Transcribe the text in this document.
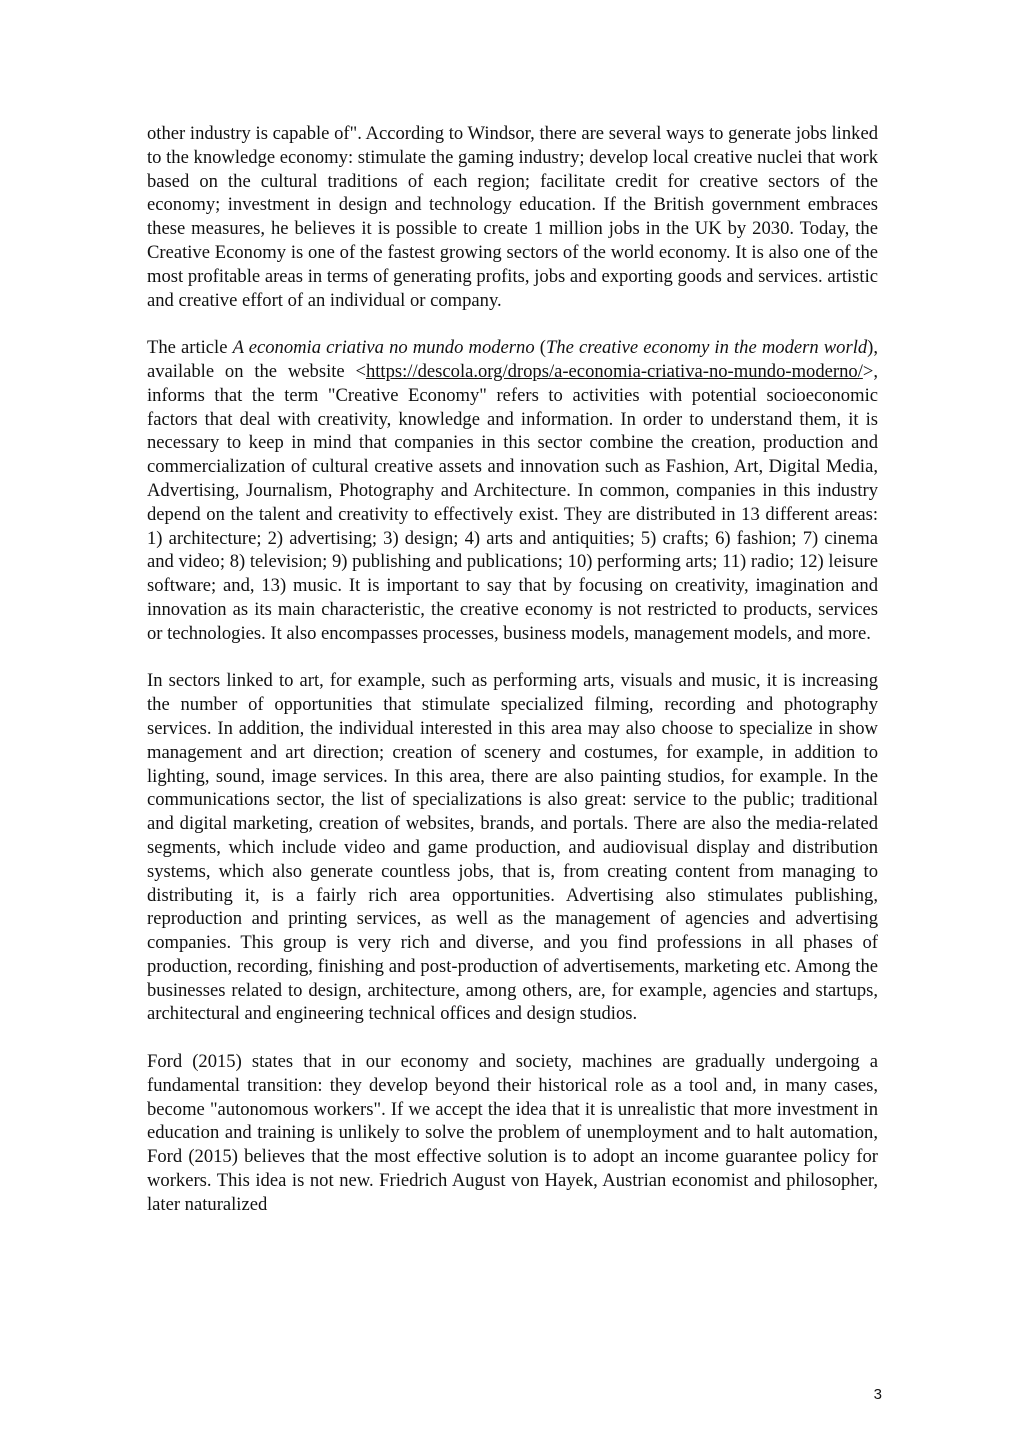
other industry is capable of". According to Windsor, there are several ways to generate jobs linked to the knowledge economy: stimulate the gaming industry; develop local creative nuclei that work based on the cultural traditions of each region; facilitate credit for creative sectors of the economy; investment in design and technology education. If the British government embraces these measures, he believes it is possible to create 1 million jobs in the UK by 2030. Today, the Creative Economy is one of the fastest growing sectors of the world economy. It is also one of the most profitable areas in terms of generating profits, jobs and exporting goods and services. artistic and creative effort of an individual or company.

The article A economia criativa no mundo moderno (The creative economy in the modern world), available on the website <https://descola.org/drops/a-economia-criativa-no-mundo-moderno/>, informs that the term "Creative Economy" refers to activities with potential socioeconomic factors that deal with creativity, knowledge and information. In order to understand them, it is necessary to keep in mind that companies in this sector combine the creation, production and commercialization of cultural creative assets and innovation such as Fashion, Art, Digital Media, Advertising, Journalism, Photography and Architecture. In common, companies in this industry depend on the talent and creativity to effectively exist. They are distributed in 13 different areas: 1) architecture; 2) advertising; 3) design; 4) arts and antiquities; 5) crafts; 6) fashion; 7) cinema and video; 8) television; 9) publishing and publications; 10) performing arts; 11) radio; 12) leisure software; and, 13) music. It is important to say that by focusing on creativity, imagination and innovation as its main characteristic, the creative economy is not restricted to products, services or technologies. It also encompasses processes, business models, management models, and more.

In sectors linked to art, for example, such as performing arts, visuals and music, it is increasing the number of opportunities that stimulate specialized filming, recording and photography services. In addition, the individual interested in this area may also choose to specialize in show management and art direction; creation of scenery and costumes, for example, in addition to lighting, sound, image services. In this area, there are also painting studios, for example. In the communications sector, the list of specializations is also great: service to the public; traditional and digital marketing, creation of websites, brands, and portals. There are also the media-related segments, which include video and game production, and audiovisual display and distribution systems, which also generate countless jobs, that is, from creating content from managing to distributing it, is a fairly rich area opportunities. Advertising also stimulates publishing, reproduction and printing services, as well as the management of agencies and advertising companies. This group is very rich and diverse, and you find professions in all phases of production, recording, finishing and post-production of advertisements, marketing etc. Among the businesses related to design, architecture, among others, are, for example, agencies and startups, architectural and engineering technical offices and design studios.

Ford (2015) states that in our economy and society, machines are gradually undergoing a fundamental transition: they develop beyond their historical role as a tool and, in many cases, become "autonomous workers". If we accept the idea that it is unrealistic that more investment in education and training is unlikely to solve the problem of unemployment and to halt automation, Ford (2015) believes that the most effective solution is to adopt an income guarantee policy for workers. This idea is not new. Friedrich August von Hayek, Austrian economist and philosopher, later naturalized

3
